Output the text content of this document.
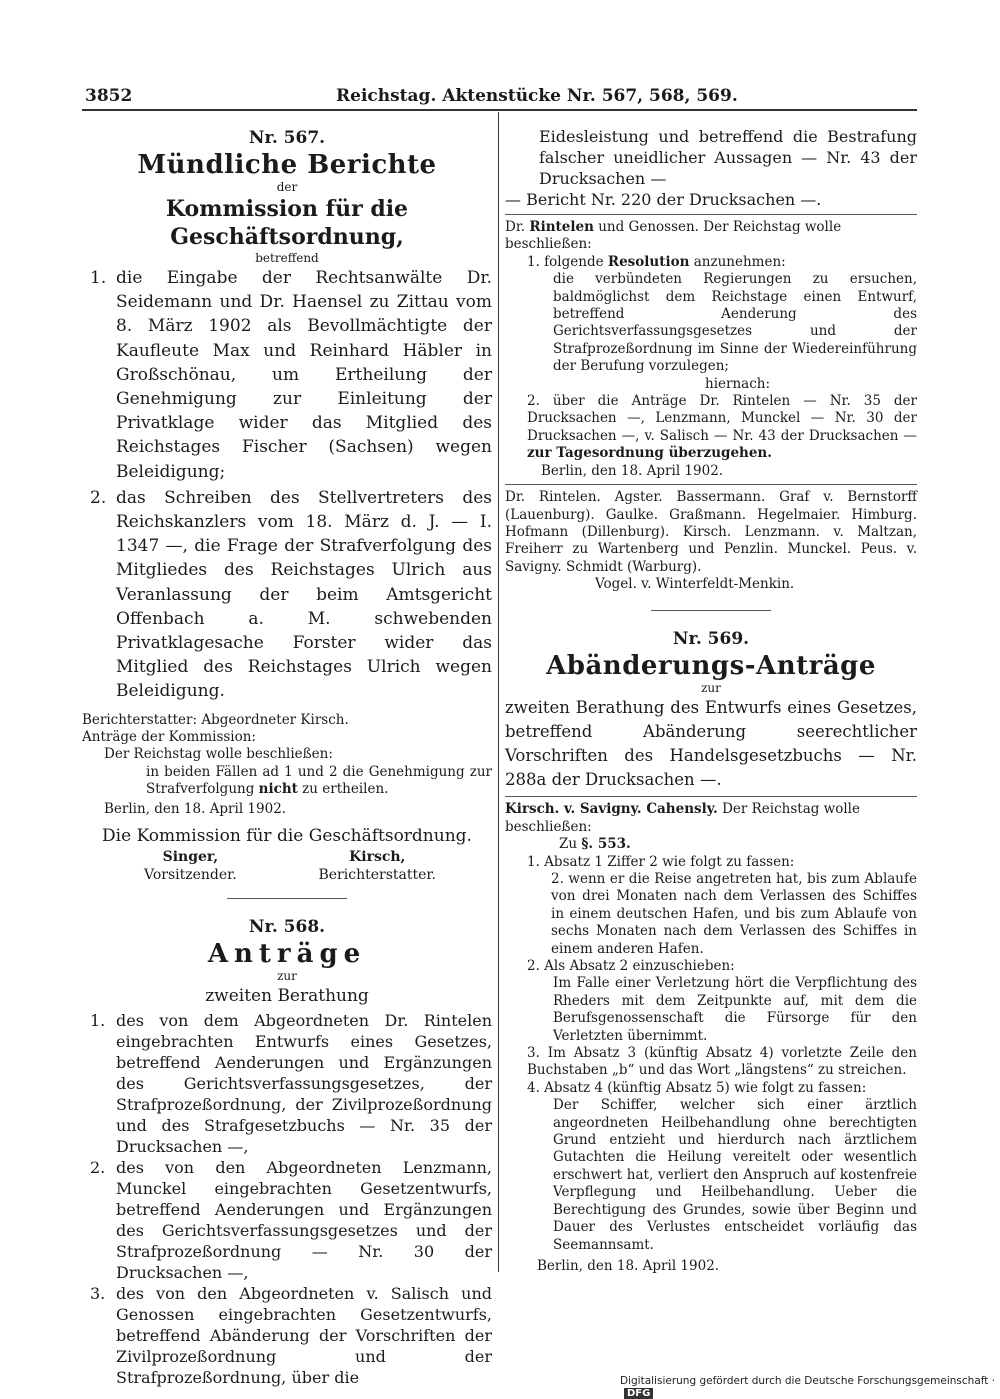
3852	Reichstag. Aktenstücke Nr. 567, 568, 569.
Nr. 567.
Mündliche Berichte
der
Kommission für die Geschäftsordnung,
betreffend
1. die Eingabe der Rechtsanwälte Dr. Seidemann und Dr. Haensel zu Zittau vom 8. März 1902 als Bevollmächtigte der Kaufleute Max und Reinhard Häbler in Großschönau, um Ertheilung der Genehmigung zur Einleitung der Privatklage wider das Mitglied des Reichstages Fischer (Sachsen) wegen Beleidigung;
2. das Schreiben des Stellvertreters des Reichskanzlers vom 18. März d. J. — I. 1347 —, die Frage der Strafverfolgung des Mitgliedes des Reichstages Ulrich aus Veranlassung der beim Amtsgericht Offenbach a. M. schwebenden Privatklagesache Forster wider das Mitglied des Reichstages Ulrich wegen Beleidigung.
Berichterstatter: Abgeordneter Kirsch.
Anträge der Kommission:
Der Reichstag wolle beschließen:
in beiden Fällen ad 1 und 2 die Genehmigung zur Strafverfolgung nicht zu ertheilen.
Berlin, den 18. April 1902.
Die Kommission für die Geschäftsordnung.
Singer,
Vorsitzender.
Kirsch,
Berichterstatter.
Nr. 568.
Anträge
zur
zweiten Berathung
1. des von dem Abgeordneten Dr. Rintelen eingebrachten Entwurfs eines Gesetzes, betreffend Aenderungen und Ergänzungen des Gerichtsverfassungsgesetzes, der Strafprozeßordnung, der Zivilprozeßordnung und des Strafgesetzbuchs — Nr. 35 der Drucksachen —,
2. des von den Abgeordneten Lenzmann, Munckel eingebrachten Gesetzentwurfs, betreffend Aenderungen und Ergänzungen des Gerichtsverfassungsgesetzes und der Strafprozeßordnung — Nr. 30 der Drucksachen —,
3. des von den Abgeordneten v. Salisch und Genossen eingebrachten Gesetzentwurfs, betreffend Abänderung der Vorschriften der Zivilprozeßordnung und der Strafprozeßordnung, über die
Eidesleistung und betreffend die Bestrafung falscher uneidlicher Aussagen — Nr. 43 der Drucksachen —
— Bericht Nr. 220 der Drucksachen —.
Dr. Rintelen und Genossen. Der Reichstag wolle beschließen:
1. folgende Resolution anzunehmen:
die verbündeten Regierungen zu ersuchen, baldmöglichst dem Reichstage einen Entwurf, betreffend Aenderung des Gerichtsverfassungsgesetzes und der Strafprozeßordnung im Sinne der Wiedereinführung der Berufung vorzulegen;
hiernach:
2. über die Anträge Dr. Rintelen — Nr. 35 der Drucksachen —, Lenzmann, Munckel — Nr. 30 der Drucksachen —, v. Salisch — Nr. 43 der Drucksachen — zur Tagesordnung überzugehen.
Berlin, den 18. April 1902.
Dr. Rintelen. Agster. Bassermann. Graf v. Bernstorff (Lauenburg). Gaulke. Graßmann. Hegelmaier. Himburg. Hofmann (Dillenburg). Kirsch. Lenzmann. v. Maltzan, Freiherr zu Wartenberg und Penzlin. Munckel. Peus. v. Savigny. Schmidt (Warburg).
Vogel. v. Winterfeldt-Menkin.
Nr. 569.
Abänderungs-Anträge
zur
zweiten Berathung des Entwurfs eines Gesetzes, betreffend Abänderung seerechtlicher Vorschriften des Handelsgesetzbuchs — Nr. 288a der Drucksachen —.
Kirsch. v. Savigny. Cahensly. Der Reichstag wolle beschließen:
Zu §. 553.
1. Absatz 1 Ziffer 2 wie folgt zu fassen:
2. wenn er die Reise angetreten hat, bis zum Ablaufe von drei Monaten nach dem Verlassen des Schiffes in einem deutschen Hafen, und bis zum Ablaufe von sechs Monaten nach dem Verlassen des Schiffes in einem anderen Hafen.
2. Als Absatz 2 einzuschieben:
Im Falle einer Verletzung hört die Verpflichtung des Rheders mit dem Zeitpunkte auf, mit dem die Berufsgenossenschaft die Fürsorge für den Verletzten übernimmt.
3. Im Absatz 3 (künftig Absatz 4) vorletzte Zeile den Buchstaben „b“ und das Wort „längstens“ zu streichen.
4. Absatz 4 (künftig Absatz 5) wie folgt zu fassen:
Der Schiffer, welcher sich einer ärztlich angeordneten Heilbehandlung ohne berechtigten Grund entzieht und hierdurch nach ärztlichem Gutachten die Heilung vereitelt oder wesentlich erschwert hat, verliert den Anspruch auf kostenfreie Verpflegung und Heilbehandlung. Ueber die Berechtigung des Grundes, sowie über Beginn und Dauer des Verlustes entscheidet vorläufig das Seemannsamt.
Berlin, den 18. April 1902.
Digitalisierung gefördert durch die Deutsche Forschungsgemeinschaft ·DFG
